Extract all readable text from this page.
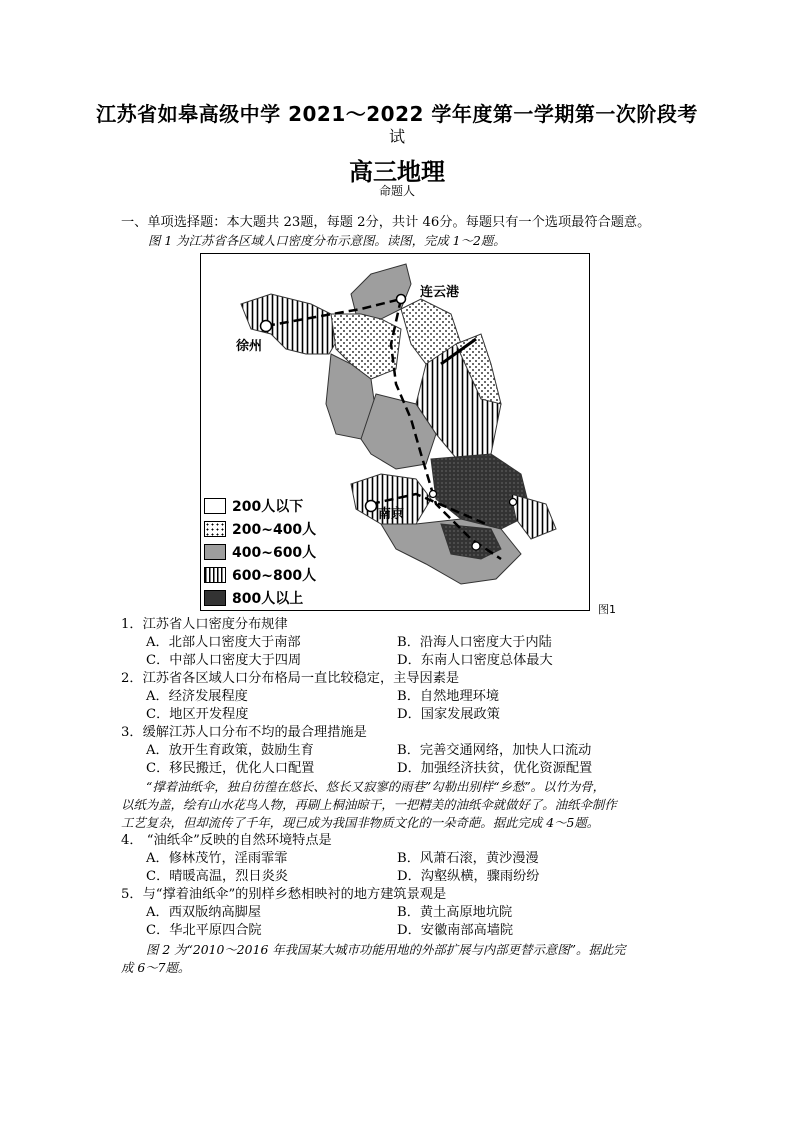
江苏省如皋高级中学 2021～2022 学年度第一学期第一次阶段考
试
高三地理
命题人
一、单项选择题：本大题共 23题，每题 2分，共计 46分。每题只有一个选项最符合题意。
图 1 为江苏省各区域人口密度分布示意图。读图，完成 1～2题。
连云港
徐州
南京
200人以下
200~400人
400~600人
600~800人
800人以上
图1
1．江苏省人口密度分布规律
A．北部人口密度大于南部	B．沿海人口密度大于内陆
C．中部人口密度大于四周	D．东南人口密度总体最大
2．江苏省各区域人口分布格局一直比较稳定，主导因素是
A．经济发展程度	B．自然地理环境
C．地区开发程度	D．国家发展政策
3．缓解江苏人口分布不均的最合理措施是
A．放开生育政策，鼓励生育	B．完善交通网络，加快人口流动
C．移民搬迁，优化人口配置	D．加强经济扶贫，优化资源配置
“撑着油纸伞，独自彷徨在悠长、悠长又寂寥的雨巷”勾勒出别样“乡愁”。以竹为骨，
以纸为盖，绘有山水花鸟人物，再刷上桐油晾干，一把精美的油纸伞就做好了。油纸伞制作
工艺复杂，但却流传了千年，现已成为我国非物质文化的一朵奇葩。据此完成 4～5题。
4． “油纸伞”反映的自然环境特点是
A．修林茂竹，淫雨霏霏	B．风萧石滚，黄沙漫漫
C．晴暖高温，烈日炎炎	D．沟壑纵横，骤雨纷纷
5．与“撑着油纸伞”的别样乡愁相映衬的地方建筑景观是
A．西双版纳高脚屋	B．黄土高原地坑院
C．华北平原四合院	D．安徽南部高墙院
图 2 为“2010～2016 年我国某大城市功能用地的外部扩展与内部更替示意图”。据此完
成 6～7题。
